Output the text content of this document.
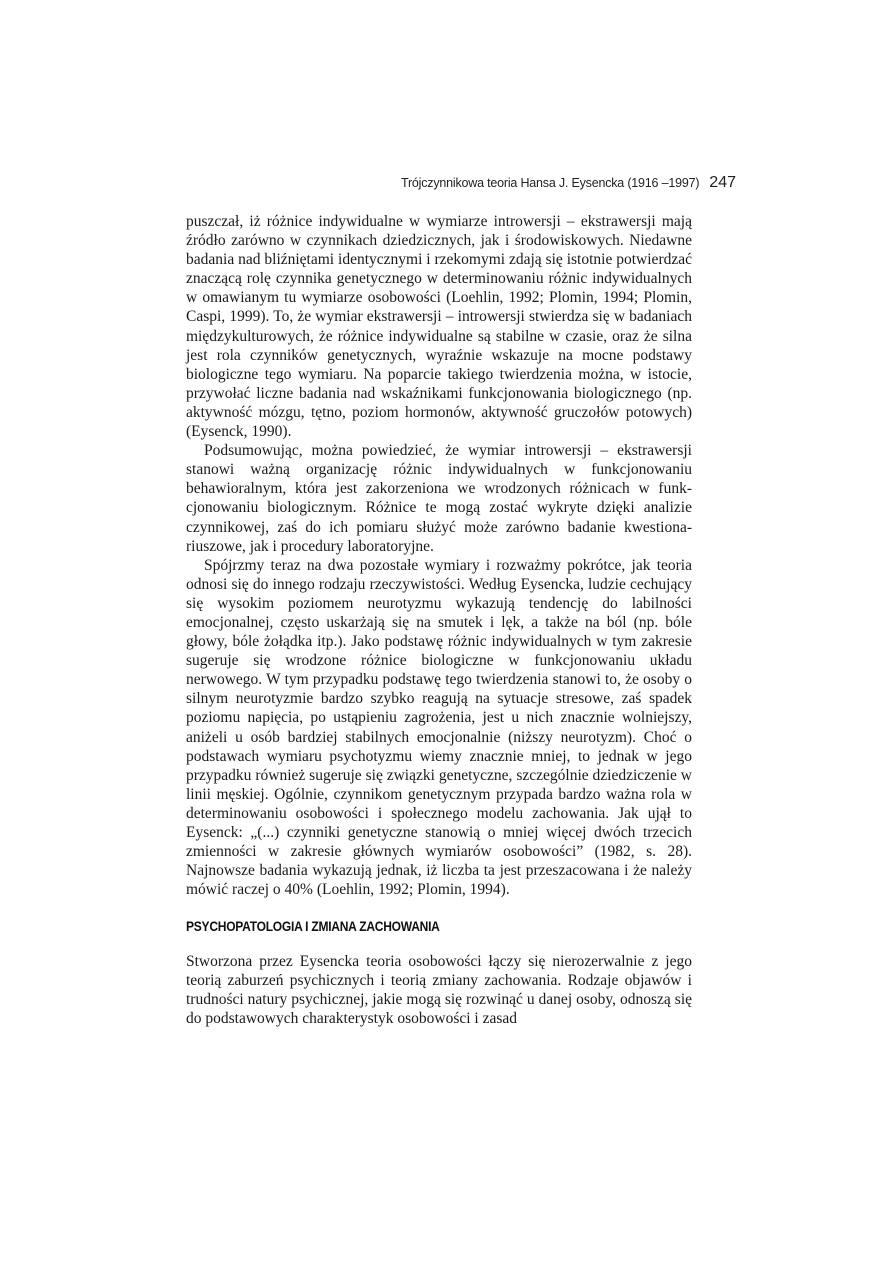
Trójczynnikowa teoria Hansa J. Eysencka (1916 –1997) 247

puszczał, iż różnice indywidualne w wymiarze introwersji – ekstrawersji mają źródło zarówno w czynnikach dziedzicznych, jak i środowiskowych. Niedawne badania nad bliźniętami identycznymi i rzekomymi zdają się istotnie potwierdzać znaczącą rolę czynnika genetycznego w determinowaniu różnic indywidualnych w omawianym tu wymiarze osobowości (Loehlin, 1992; Plomin, 1994; Plomin, Caspi, 1999). To, że wymiar ekstrawersji – introwersji stwierdza się w badaniach międzykulturowych, że różnice indywidualne są stabilne w czasie, oraz że silna jest rola czynników genetycznych, wyraźnie wskazuje na mocne podstawy biologiczne tego wymiaru. Na poparcie takiego twierdzenia można, w istocie, przywołać liczne badania nad wskaźnikami funkcjonowania biologicznego (np. aktywność mózgu, tętno, poziom hormonów, aktywność gruczołów potowych) (Eysenck, 1990).

Podsumowując, można powiedzieć, że wymiar introwersji – ekstrawersji stanowi ważną organizację różnic indywidualnych w funkcjonowaniu behawioralnym, która jest zakorzeniona we wrodzonych różnicach w funkcjonowaniu biologicznym. Różnice te mogą zostać wykryte dzięki analizie czynnikowej, zaś do ich pomiaru służyć może zarówno badanie kwestionariuszowe, jak i procedury laboratoryjne.

Spójrzmy teraz na dwa pozostałe wymiary i rozważmy pokrótce, jak teoria odnosi się do innego rodzaju rzeczywistości. Według Eysencka, ludzie cechujący się wysokim poziomem neurotyzmu wykazują tendencję do labilności emocjonalnej, często uskarżają się na smutek i lęk, a także na ból (np. bóle głowy, bóle żołądka itp.). Jako podstawę różnic indywidualnych w tym zakresie sugeruje się wrodzone różnice biologiczne w funkcjonowaniu układu nerwowego. W tym przypadku podstawę tego twierdzenia stanowi to, że osoby o silnym neurotyzmie bardzo szybko reagują na sytuacje stresowe, zaś spadek poziomu napięcia, po ustąpieniu zagrożenia, jest u nich znacznie wolniejszy, aniżeli u osób bardziej stabilnych emocjonalnie (niższy neurotyzm). Choć o podstawach wymiaru psychotyzmu wiemy znacznie mniej, to jednak w jego przypadku również sugeruje się związki genetyczne, szczególnie dziedziczenie w linii męskiej. Ogólnie, czynnikom genetycznym przypada bardzo ważna rola w determinowaniu osobowości i społecznego modelu zachowania. Jak ujął to Eysenck: „(...) czynniki genetyczne stanowią o mniej więcej dwóch trzecich zmienności w zakresie głównych wymiarów osobowości” (1982, s. 28). Najnowsze badania wykazują jednak, iż liczba ta jest przeszacowana i że należy mówić raczej o 40% (Loehlin, 1992; Plomin, 1994).

PSYCHOPATOLOGIA I ZMIANA ZACHOWANIA

Stworzona przez Eysencka teoria osobowości łączy się nierozerwalnie z jego teorią zaburzeń psychicznych i teorią zmiany zachowania. Rodzaje objawów i trudności natury psychicznej, jakie mogą się rozwinąć u danej osoby, odnoszą się do podstawowych charakterystyk osobowości i zasad
